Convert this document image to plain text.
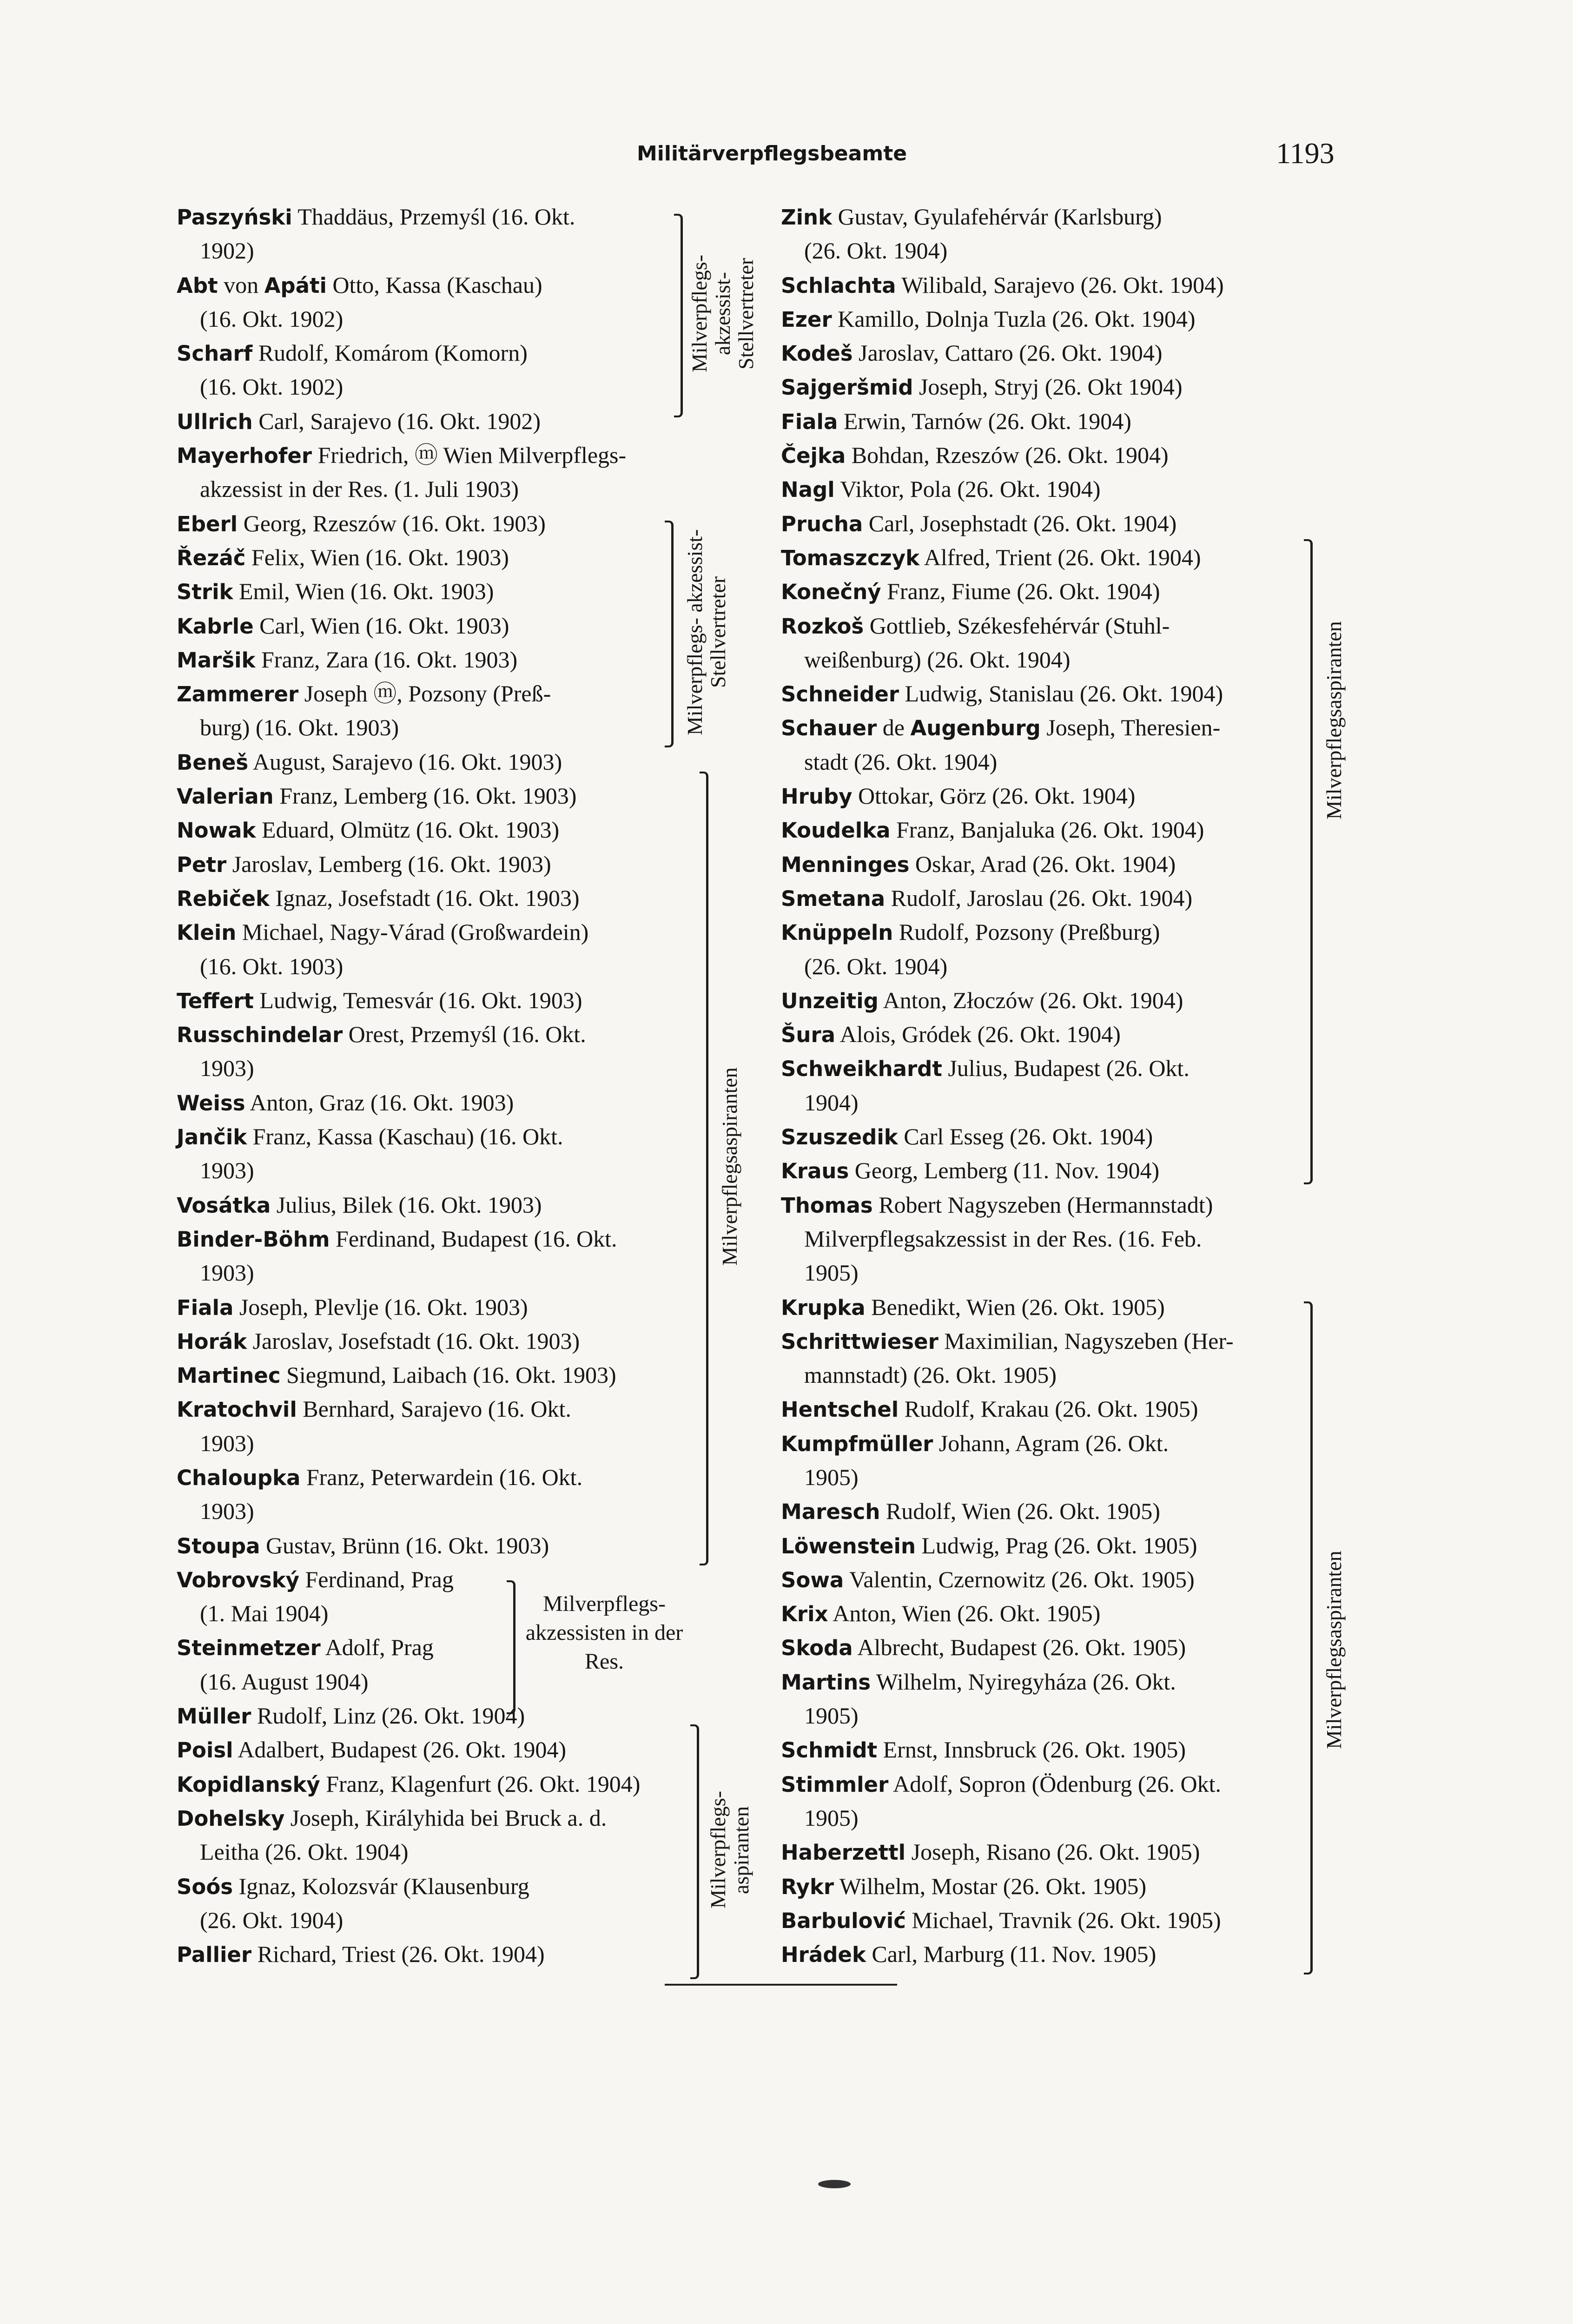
Militärverpflegsbeamte	1193
Paszyński Thaddäus, Przemyśl (16. Okt.
1902)
Abt von Apáti Otto, Kassa (Kaschau)
(16. Okt. 1902)
Scharf Rudolf, Komárom (Komorn)
(16. Okt. 1902)
Ullrich Carl, Sarajevo (16. Okt. 1902)
Mayerhofer Friedrich, ⓜ Wien Milverpflegs-
akzessist in der Res. (1. Juli 1903)
Eberl Georg, Rzeszów (16. Okt. 1903)
Řezáč Felix, Wien (16. Okt. 1903)
Strik Emil, Wien (16. Okt. 1903)
Kabrle Carl, Wien (16. Okt. 1903)
Maršik Franz, Zara (16. Okt. 1903)
Zammerer Joseph ⓜ, Pozsony (Preß-
burg) (16. Okt. 1903)
Beneš August, Sarajevo (16. Okt. 1903)
Valerian Franz, Lemberg (16. Okt. 1903)
Nowak Eduard, Olmütz (16. Okt. 1903)
Petr Jaroslav, Lemberg (16. Okt. 1903)
Rebiček Ignaz, Josefstadt (16. Okt. 1903)
Klein Michael, Nagy-Várad (Großwardein)
(16. Okt. 1903)
Teffert Ludwig, Temesvár (16. Okt. 1903)
Russchindelar Orest, Przemyśl (16. Okt.
1903)
Weiss Anton, Graz (16. Okt. 1903)
Jančik Franz, Kassa (Kaschau) (16. Okt.
1903)
Vosátka Julius, Bilek (16. Okt. 1903)
Binder-Böhm Ferdinand, Budapest (16. Okt.
1903)
Fiala Joseph, Plevlje (16. Okt. 1903)
Horák Jaroslav, Josefstadt (16. Okt. 1903)
Martinec Siegmund, Laibach (16. Okt. 1903)
Kratochvil Bernhard, Sarajevo (16. Okt.
1903)
Chaloupka Franz, Peterwardein (16. Okt.
1903)
Stoupa Gustav, Brünn (16. Okt. 1903)
Vobrovský Ferdinand, Prag
(1. Mai 1904)
Steinmetzer Adolf, Prag
(16. August 1904)
Müller Rudolf, Linz (26. Okt. 1904)
Poisl Adalbert, Budapest (26. Okt. 1904)
Kopidlanský Franz, Klagenfurt (26. Okt. 1904)
Dohelsky Joseph, Királyhida bei Bruck a. d.
Leitha (26. Okt. 1904)
Soós Ignaz, Kolozsvár (Klausenburg
(26. Okt. 1904)
Pallier Richard, Triest (26. Okt. 1904)
Zink Gustav, Gyulafehérvár (Karlsburg)
(26. Okt. 1904)
Schlachta Wilibald, Sarajevo (26. Okt. 1904)
Ezer Kamillo, Dolnja Tuzla (26. Okt. 1904)
Kodeš Jaroslav, Cattaro (26. Okt. 1904)
Sajgeršmid Joseph, Stryj (26. Okt 1904)
Fiala Erwin, Tarnów (26. Okt. 1904)
Čejka Bohdan, Rzeszów (26. Okt. 1904)
Nagl Viktor, Pola (26. Okt. 1904)
Prucha Carl, Josephstadt (26. Okt. 1904)
Tomaszczyk Alfred, Trient (26. Okt. 1904)
Konečný Franz, Fiume (26. Okt. 1904)
Rozkoš Gottlieb, Székesfehérvár (Stuhl-
weißenburg) (26. Okt. 1904)
Schneider Ludwig, Stanislau (26. Okt. 1904)
Schauer de Augenburg Joseph, Theresien-
stadt (26. Okt. 1904)
Hruby Ottokar, Görz (26. Okt. 1904)
Koudelka Franz, Banjaluka (26. Okt. 1904)
Menninges Oskar, Arad (26. Okt. 1904)
Smetana Rudolf, Jaroslau (26. Okt. 1904)
Knüppeln Rudolf, Pozsony (Preßburg)
(26. Okt. 1904)
Unzeitig Anton, Złoczów (26. Okt. 1904)
Šura Alois, Gródek (26. Okt. 1904)
Schweikhardt Julius, Budapest (26. Okt.
1904)
Szuszedik Carl Esseg (26. Okt. 1904)
Kraus Georg, Lemberg (11. Nov. 1904)
Thomas Robert Nagyszeben (Hermannstadt)
Milverpflegsakzessist in der Res. (16. Feb.
1905)
Krupka Benedikt, Wien (26. Okt. 1905)
Schrittwieser Maximilian, Nagyszeben (Her-
mannstadt) (26. Okt. 1905)
Hentschel Rudolf, Krakau (26. Okt. 1905)
Kumpfmüller Johann, Agram (26. Okt.
1905)
Maresch Rudolf, Wien (26. Okt. 1905)
Löwenstein Ludwig, Prag (26. Okt. 1905)
Sowa Valentin, Czernowitz (26. Okt. 1905)
Krix Anton, Wien (26. Okt. 1905)
Skoda Albrecht, Budapest (26. Okt. 1905)
Martins Wilhelm, Nyiregyháza (26. Okt.
1905)
Schmidt Ernst, Innsbruck (26. Okt. 1905)
Stimmler Adolf, Sopron (Ödenburg (26. Okt.
1905)
Haberzettl Joseph, Risano (26. Okt. 1905)
Rykr Wilhelm, Mostar (26. Okt. 1905)
Barbulović Michael, Travnik (26. Okt. 1905)
Hrádek Carl, Marburg (11. Nov. 1905)
Milverpflegs- akzessist- Stellvertreter
Milverpflegs- akzessist- Stellvertreter
Milverpflegsaspiranten
Milverpflegs- akzessisten in der Res.
Milverpflegs- aspiranten
Milverpflegsaspiranten
Milverpflegsaspiranten
